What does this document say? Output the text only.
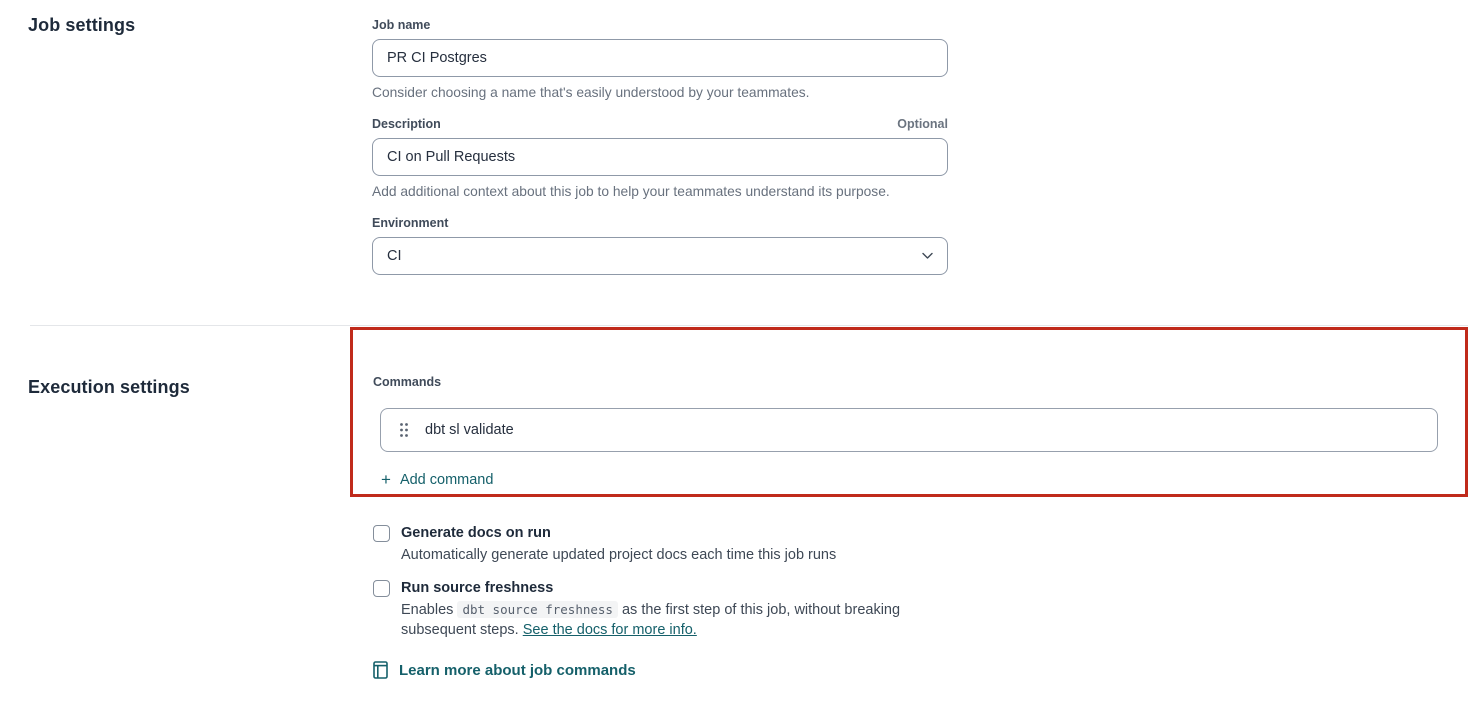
Job settings
Execution settings
Job name
PR CI Postgres
Consider choosing a name that's easily understood by your teammates.
Description	Optional
CI on Pull Requests
Add additional context about this job to help your teammates understand its purpose.
Environment
CI
Commands
dbt sl validate
+ Add command
Generate docs on run
Automatically generate updated project docs each time this job runs
Run source freshness
Enables dbt source freshness as the first step of this job, without breaking subsequent steps. See the docs for more info.
Learn more about job commands
